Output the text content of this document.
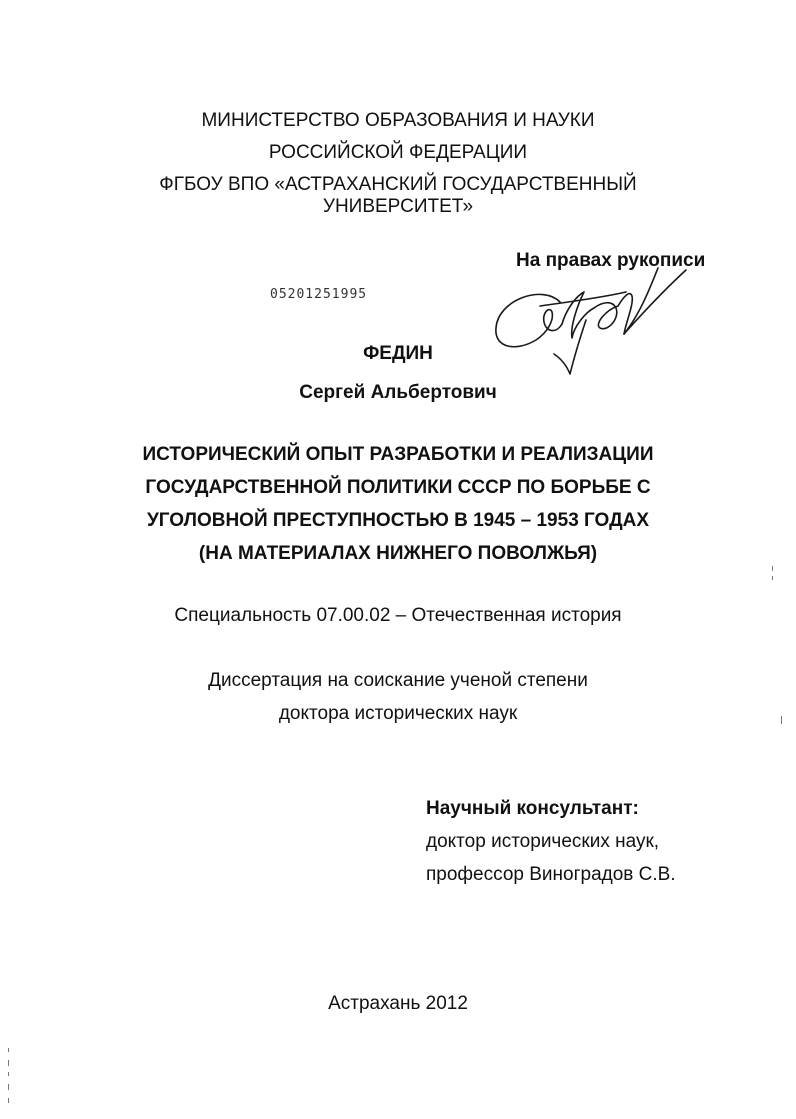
МИНИСТЕРСТВО ОБРАЗОВАНИЯ И НАУКИ
РОССИЙСКОЙ ФЕДЕРАЦИИ
ФГБОУ ВПО «АСТРАХАНСКИЙ ГОСУДАРСТВЕННЫЙ
УНИВЕРСИТЕТ»
На правах рукописи
05201251995
ФЕДИН
Сергей Альбертович
ИСТОРИЧЕСКИЙ ОПЫТ РАЗРАБОТКИ И РЕАЛИЗАЦИИ
ГОСУДАРСТВЕННОЙ ПОЛИТИКИ СССР ПО БОРЬБЕ С
УГОЛОВНОЙ ПРЕСТУПНОСТЬЮ В 1945 – 1953 ГОДАХ
(НА МАТЕРИАЛАХ НИЖНЕГО ПОВОЛЖЬЯ)
Специальность 07.00.02 – Отечественная история
Диссертация на соискание ученой степени
доктора исторических наук
Научный консультант:
доктор исторических наук,
профессор Виноградов С.В.
Астрахань 2012
